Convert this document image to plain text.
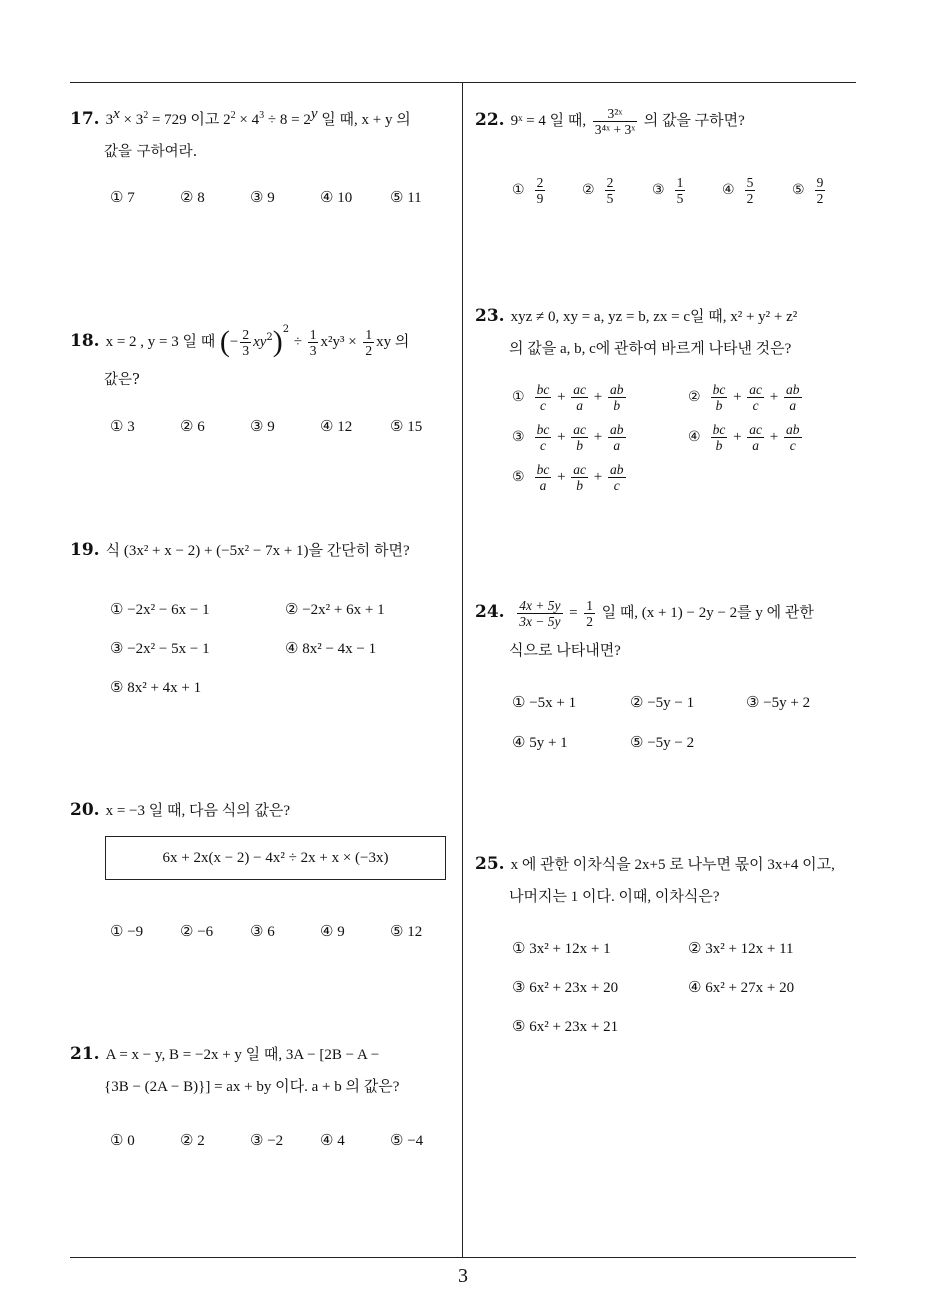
17. $3^x \times 3^2 = 729$ 이고 $2^2 \times 4^3 \div 8 = 2^y$ 일 때, x + y 의
값을 구하여라.
① 7	② 8	③ 9	④ 10	⑤ 11
18. x = 2 , y = 3 일 때 (− $\frac{2}{3} xy^2)^2 \div \frac{1}{3} x^2y^3 \times \frac{1}{2}$ xy 의
값은?
① 3	② 6	③ 9	④ 12	⑤ 15
19. 식 (3x² + x − 2) + (−5x² − 7x + 1)을 간단히 하면?
① −2x² − 6x − 1	② −2x² + 6x + 1
③ −2x² − 5x − 1	④ 8x² − 4x − 1
⑤ 8x² + 4x + 1
20. x = −3 일 때, 다음 식의 값은?
6x + 2x(x − 2) − 4x² ÷ 2x + x × (−3x)
① −9 ② −6 ③ 6	④ 9	⑤ 12
21. A = x − y, B = −2x + y 일 때, 3A − [2B − A −
{3B − (2A − B)}] = ax + by 이다. a + b 의 값은?
① 0	② 2	③ −2 ④ 4	⑤ −4
22. 9ˣ = 4 일 때, $\frac{\text{3²ˣ}}{\text{3⁴ˣ + 3ˣ}}$ 의 값을 구하면?
① $\frac{2}{9}$	② $\frac{2}{5}$	③ $\frac{1}{5}$	④ $\frac{5}{2}$	⑤ $\frac{9}{2}$
23. xyz ≠ 0, xy = a, yz = b, zx = c일 때, x² + y² + z²
의 값을 a, b, c에 관하여 바르게 나타낸 것은?
① $\frac{bc}{c} + \frac{ac}{a} + \frac{ab}{b}$	② $\frac{bc}{b} + \frac{ac}{c} + \frac{ab}{a}$
③ $\frac{bc}{c} + \frac{ac}{b} + \frac{ab}{a}$	④ $\frac{bc}{b} + \frac{ac}{a} + \frac{ab}{c}$
⑤ $\frac{bc}{a} + \frac{ac}{b} + \frac{ab}{c}$
24. $\frac{4x + 5y}{3x - 5y} = \frac{1}{2}$ 일 때, (x + 1) − 2y − 2를 y 에 관한
식으로 나타내면?
① −5x + 1	② −5y − 1	③ −5y + 2
④ 5y + 1	⑤ −5y − 2
25. x 에 관한 이차식을 2x+5 로 나누면 몫이 3x+4 이고,
나머지는 1 이다. 이때, 이차식은?
① 3x² + 12x + 1	② 3x² + 12x + 11
③ 6x² + 23x + 20	④ 6x² + 27x + 20
⑤ 6x² + 23x + 21
3
